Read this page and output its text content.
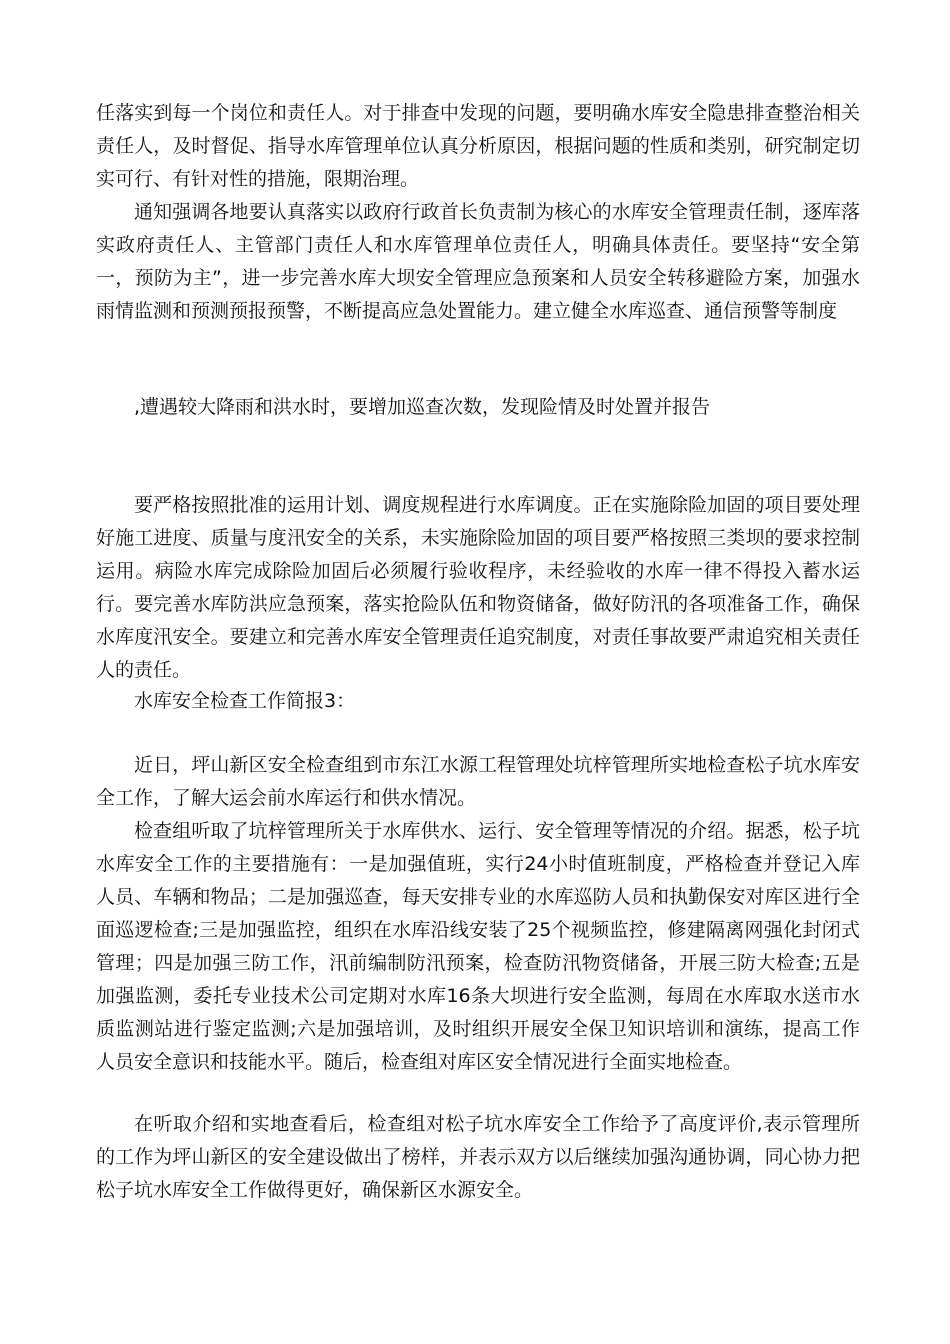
任落实到每一个岗位和责任人。对于排查中发现的问题，要明确水库安全隐患排查整治相关责任人，及时督促、指导水库管理单位认真分析原因，根据问题的性质和类别，研究制定切实可行、有针对性的措施，限期治理。

通知强调各地要认真落实以政府行政首长负责制为核心的水库安全管理责任制，逐库落实政府责任人、主管部门责任人和水库管理单位责任人，明确具体责任。要坚持“安全第一，预防为主”，进一步完善水库大坝安全管理应急预案和人员安全转移避险方案，加强水雨情监测和预测预报预警，不断提高应急处置能力。建立健全水库巡查、通信预警等制度

,遭遇较大降雨和洪水时，要增加巡查次数，发现险情及时处置并报告

要严格按照批准的运用计划、调度规程进行水库调度。正在实施除险加固的项目要处理好施工进度、质量与度汛安全的关系，未实施除险加固的项目要严格按照三类坝的要求控制运用。病险水库完成除险加固后必须履行验收程序，未经验收的水库一律不得投入蓄水运行。要完善水库防洪应急预案，落实抢险队伍和物资储备，做好防汛的各项准备工作，确保水库度汛安全。要建立和完善水库安全管理责任追究制度，对责任事故要严肃追究相关责任人的责任。

水库安全检查工作简报3：

近日，坪山新区安全检查组到市东江水源工程管理处坑梓管理所实地检查松子坑水库安全工作，了解大运会前水库运行和供水情况。

检查组听取了坑梓管理所关于水库供水、运行、安全管理等情况的介绍。据悉，松子坑水库安全工作的主要措施有：一是加强值班，实行24小时值班制度，严格检查并登记入库人员、车辆和物品；二是加强巡查，每天安排专业的水库巡防人员和执勤保安对库区进行全面巡逻检查;三是加强监控，组织在水库沿线安装了25个视频监控，修建隔离网强化封闭式管理；四是加强三防工作，汛前编制防汛预案，检查防汛物资储备，开展三防大检查;五是加强监测，委托专业技术公司定期对水库16条大坝进行安全监测，每周在水库取水送市水质监测站进行鉴定监测;六是加强培训，及时组织开展安全保卫知识培训和演练，提高工作人员安全意识和技能水平。随后，检查组对库区安全情况进行全面实地检查。

在听取介绍和实地查看后，检查组对松子坑水库安全工作给予了高度评价,表示管理所的工作为坪山新区的安全建设做出了榜样，并表示双方以后继续加强沟通协调，同心协力把松子坑水库安全工作做得更好，确保新区水源安全。
